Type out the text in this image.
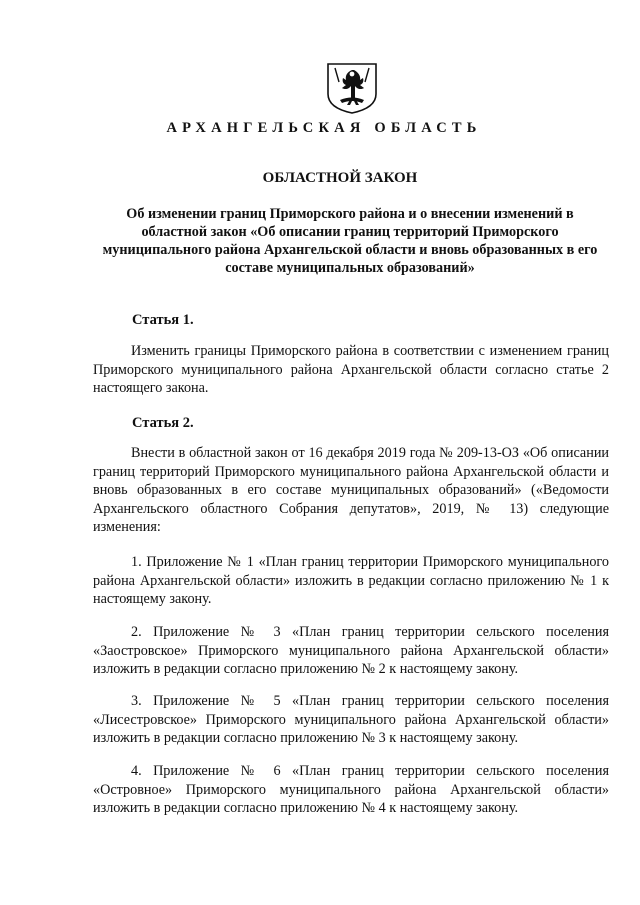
АРХАНГЕЛЬСКАЯ ОБЛАСТЬ
ОБЛАСТНОЙ ЗАКОН
Об изменении границ Приморского района и о внесении изменений в областной закон «Об описании границ территорий Приморского муниципального района Архангельской области и вновь образованных в его составе муниципальных образований»
Статья 1.

Изменить границы Приморского района в соответствии с изменением границ Приморского муниципального района Архангельской области согласно статье 2 настоящего закона.

Статья 2.

Внести в областной закон от 16 декабря 2019 года № 209-13-ОЗ «Об описании границ территорий Приморского муниципального района Архангельской области и вновь образованных в его составе муниципальных образований» («Ведомости Архангельского областного Собрания депутатов», 2019, № 13) следующие изменения:

1. Приложение № 1 «План границ территории Приморского муниципального района Архангельской области» изложить в редакции согласно приложению № 1 к настоящему закону.

2. Приложение № 3 «План границ территории сельского поселения «Заостровское» Приморского муниципального района Архангельской области» изложить в редакции согласно приложению № 2 к настоящему закону.

3. Приложение № 5 «План границ территории сельского поселения «Лисестровское» Приморского муниципального района Архангельской области» изложить в редакции согласно приложению № 3 к настоящему закону.

4. Приложение № 6 «План границ территории сельского поселения «Островное» Приморского муниципального района Архангельской области» изложить в редакции согласно приложению № 4 к настоящему закону.
